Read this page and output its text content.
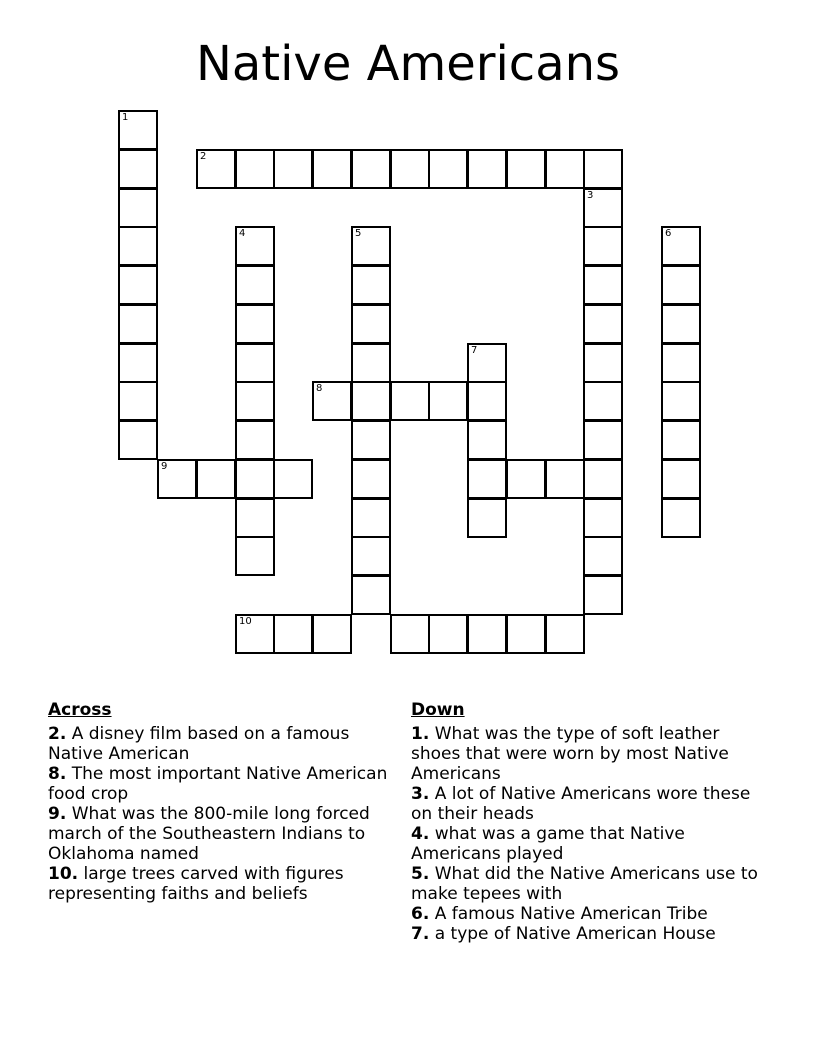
Native Americans
1
2
3
4	5	6
7
8
9
10
Across
2. A disney film based on a famous Native American
8. The most important Native American food crop
9. What was the 800-mile long forced march of the Southeastern Indians to Oklahoma named
10. large trees carved with figures representing faiths and beliefs
Down
1. What was the type of soft leather shoes that were worn by most Native Americans
3. A lot of Native Americans wore these on their heads
4. what was a game that Native Americans played
5. What did the Native Americans use to make tepees with
6. A famous Native American Tribe
7. a type of Native American House
